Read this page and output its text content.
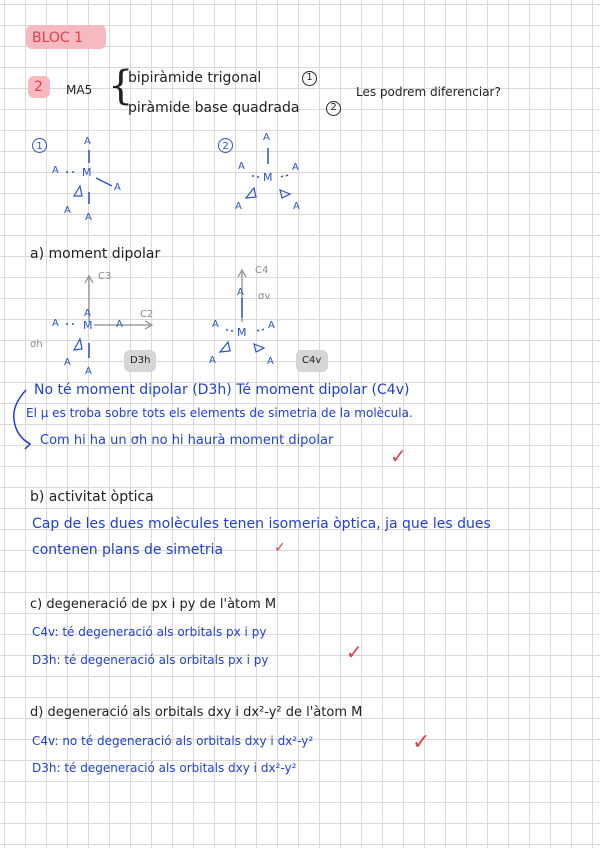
BLOC 1
2 MA5 {
bipiràmide trigonal	1
piràmide base quadrada	2
Les podrem diferenciar?
1	A
M
A
A
A
A
2
A
M
A	A
A	A
a) moment dipolar
C3
C2
σh
A
M
A	A
A
A
D3h
C4
σv
A
M
A	A
A	A	C4v
No té moment dipolar (D3h) Té moment dipolar (C4v)
El μ es troba sobre tots els elements de simetria de la molècula.
Com hi ha un σh no hi haurà moment dipolar
✓
b) activitat òptica
Cap de les dues molècules tenen isomeria òptica, ja que les dues
contenen plans de simetria	✓
c) degeneració de px i py de l'àtom M
C4v: té degeneració als orbitals px i py
D3h: té degeneració als orbitals px i py	✓
d) degeneració als orbitals dxy i dx²-y² de l'àtom M
C4v: no té degeneració als orbitals dxy i dx²-y²
D3h: té degeneració als orbitals dxy i dx²-y²
✓
